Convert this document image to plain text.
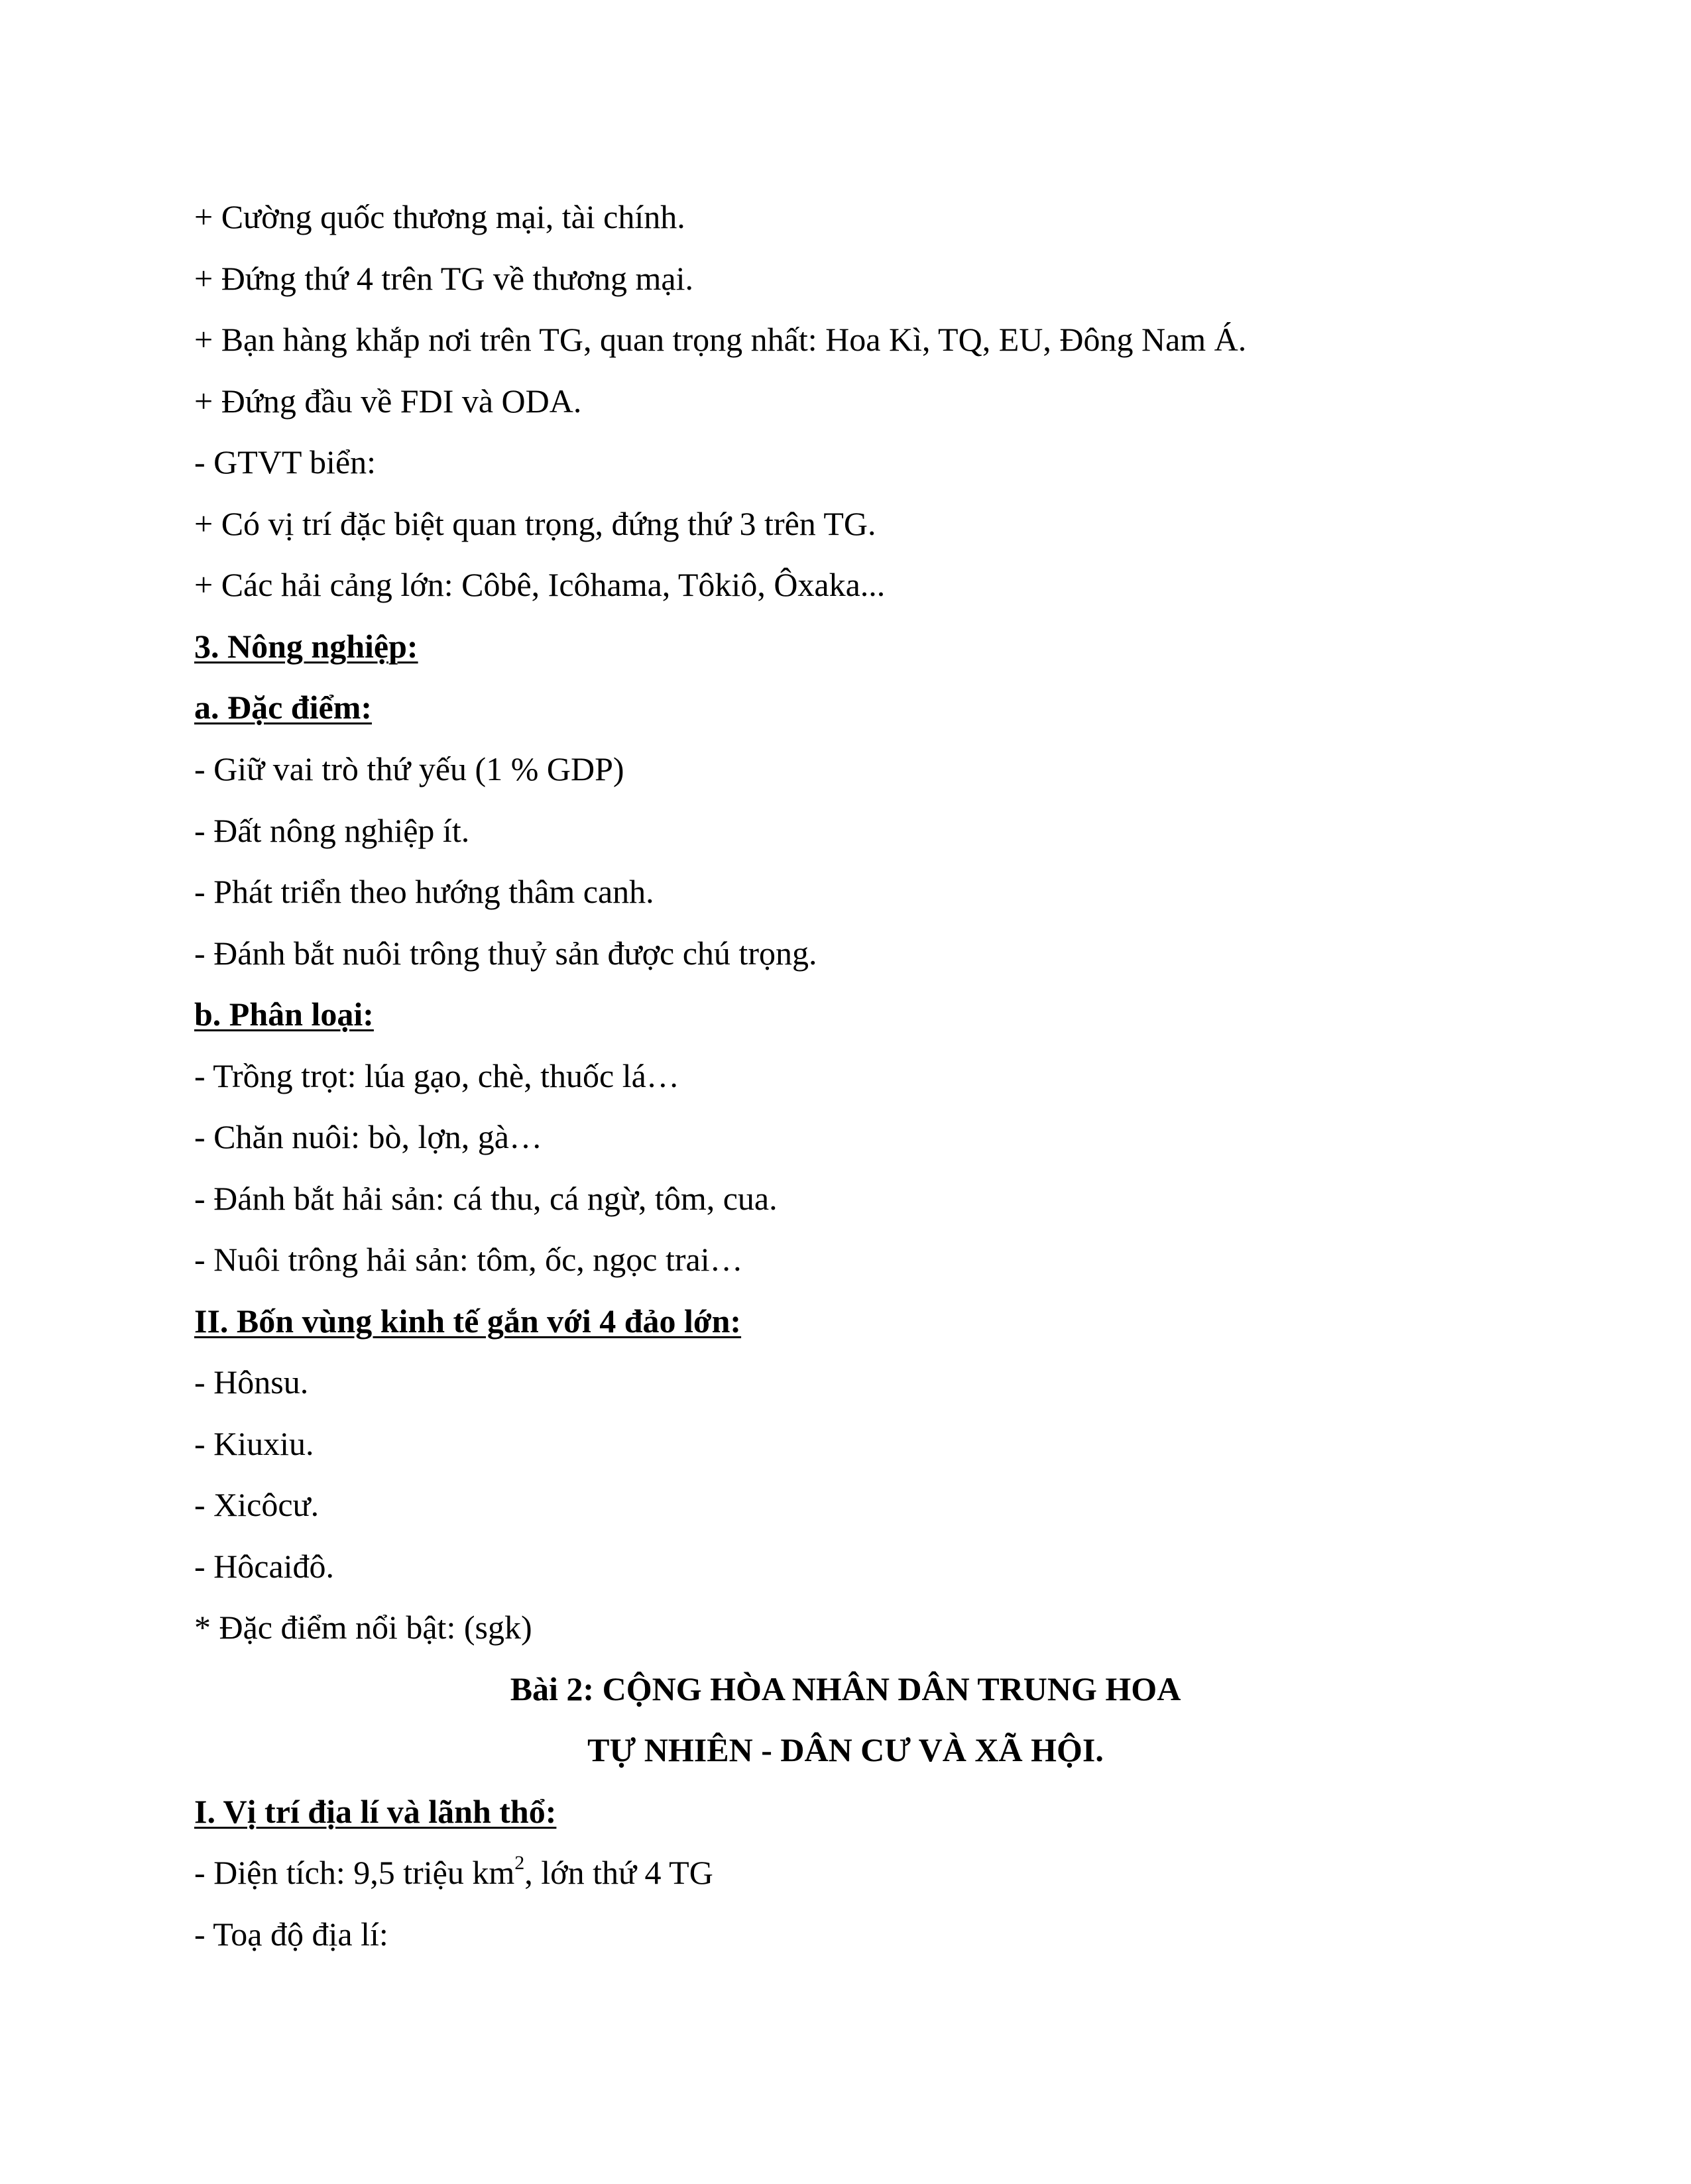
+ Cường quốc thương mại, tài chính.
+ Đứng thứ 4 trên TG về thương mại.
+ Bạn hàng khắp nơi trên TG, quan trọng nhất: Hoa Kì, TQ, EU, Đông Nam Á.
+ Đứng đầu về FDI và ODA.
- GTVT biển:
+ Có vị trí đặc biệt quan trọng, đứng thứ 3 trên TG.
+ Các hải cảng lớn: Côbê, Icôhama, Tôkiô, Ôxaka...
3. Nông nghiệp:
a. Đặc điểm:
- Giữ vai trò thứ yếu (1 % GDP)
- Đất nông nghiệp ít.
- Phát triển theo hướng thâm canh.
- Đánh bắt nuôi trông thuỷ sản được chú trọng.
b. Phân loại:
- Trồng trọt: lúa gạo, chè, thuốc lá…
- Chăn nuôi: bò, lợn, gà…
- Đánh bắt hải sản: cá thu, cá ngừ, tôm, cua.
- Nuôi trông hải sản: tôm, ốc, ngọc trai…
II. Bốn vùng kinh tế gắn với 4 đảo lớn:
- Hônsu.
- Kiuxiu.
- Xicôcư.
- Hôcaiđô.
* Đặc điểm nổi bật: (sgk)
Bài 2: CỘNG HÒA NHÂN DÂN TRUNG HOA
TỰ NHIÊN - DÂN CƯ VÀ XÃ HỘI.
I. Vị trí địa lí và lãnh thổ:
- Diện tích: 9,5 triệu $km^2$, lớn thứ 4 TG
- Toạ độ địa lí:
